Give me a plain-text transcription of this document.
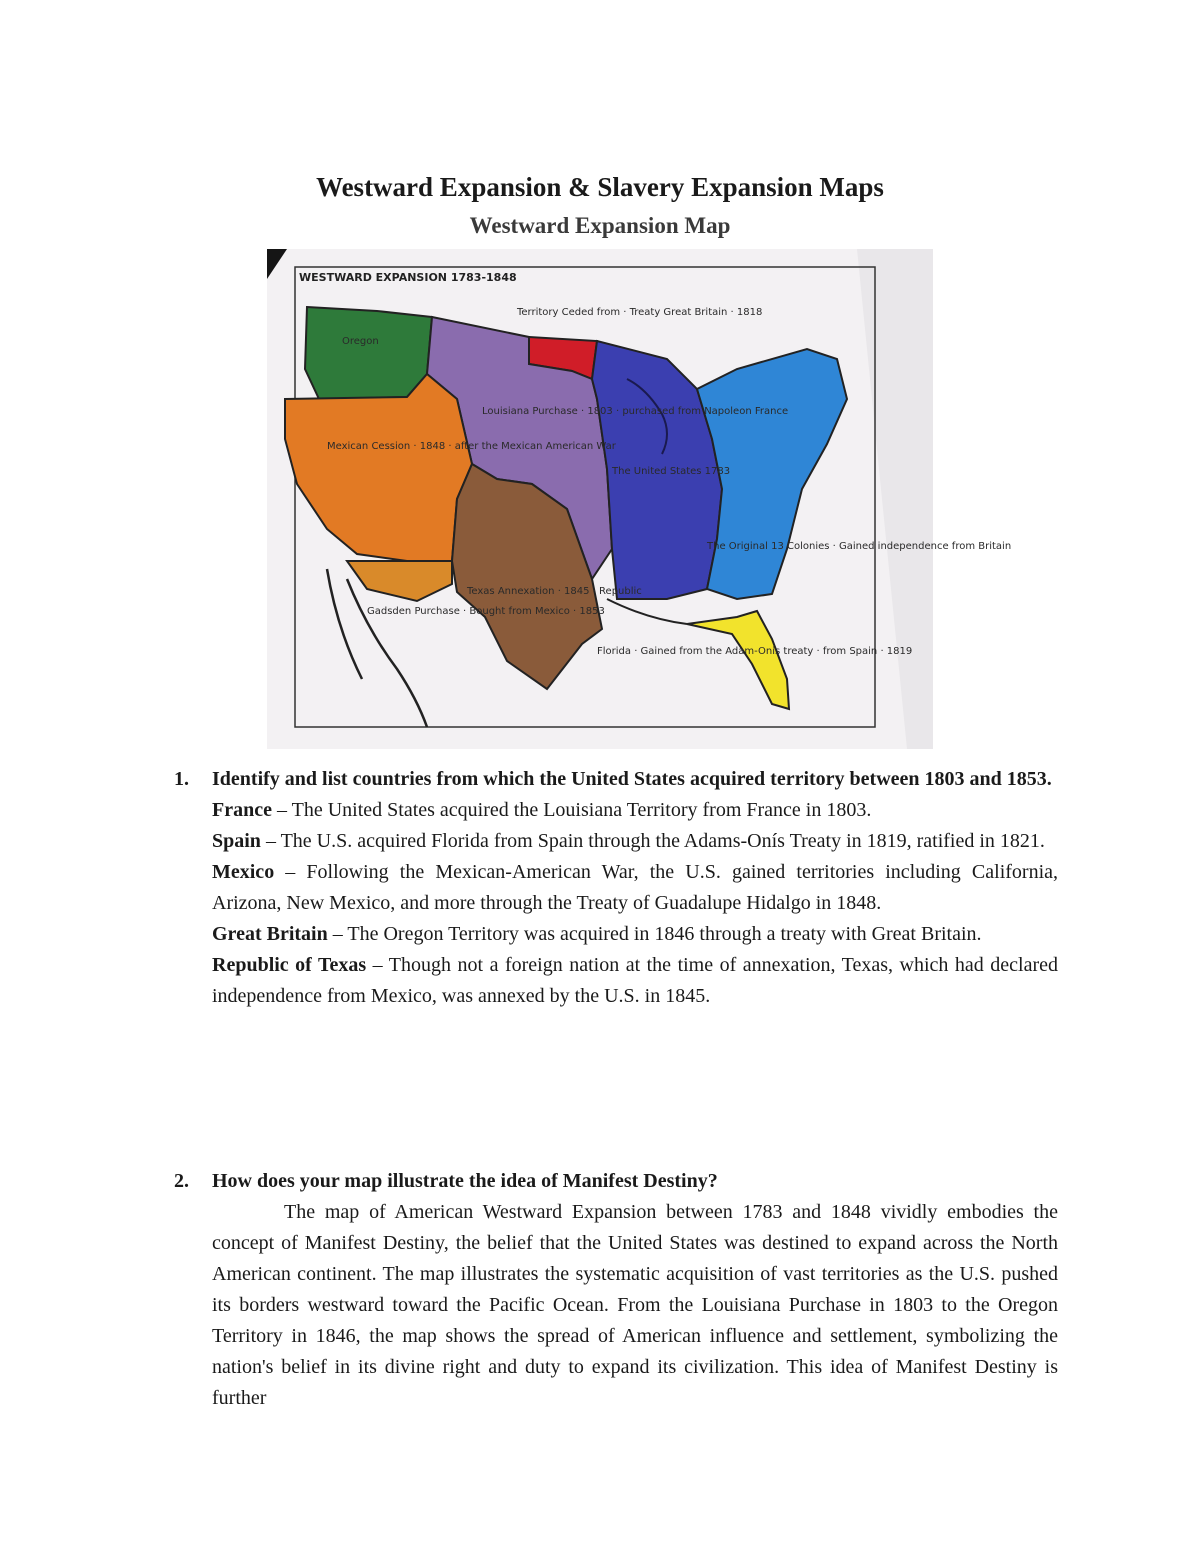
Westward Expansion & Slavery Expansion Maps
Westward Expansion Map
WESTWARD EXPANSION 1783-1848
Territory Ceded from · Treaty Great Britain · 1818
Oregon
Louisiana Purchase · 1803 · purchased from Napoleon France
Mexican Cession · 1848 · after the Mexican American War
Gadsden Purchase · Bought from Mexico · 1853
Texas Annexation · 1845 · Republic
The United States 1783
The Original 13 Colonies · Gained independence from Britain
Florida · Gained from the Adam-Onis treaty · from Spain · 1819
1. Identify and list countries from which the United States acquired territory between 1803 and 1853.

France – The United States acquired the Louisiana Territory from France in 1803.

Spain – The U.S. acquired Florida from Spain through the Adams-Onís Treaty in 1819, ratified in 1821.

Mexico – Following the Mexican-American War, the U.S. gained territories including California, Arizona, New Mexico, and more through the Treaty of Guadalupe Hidalgo in 1848.

Great Britain – The Oregon Territory was acquired in 1846 through a treaty with Great Britain.

Republic of Texas – Though not a foreign nation at the time of annexation, Texas, which had declared independence from Mexico, was annexed by the U.S. in 1845.

2. How does your map illustrate the idea of Manifest Destiny?

The map of American Westward Expansion between 1783 and 1848 vividly embodies the concept of Manifest Destiny, the belief that the United States was destined to expand across the North American continent. The map illustrates the systematic acquisition of vast territories as the U.S. pushed its borders westward toward the Pacific Ocean. From the Louisiana Purchase in 1803 to the Oregon Territory in 1846, the map shows the spread of American influence and settlement, symbolizing the nation's belief in its divine right and duty to expand its civilization. This idea of Manifest Destiny is further
